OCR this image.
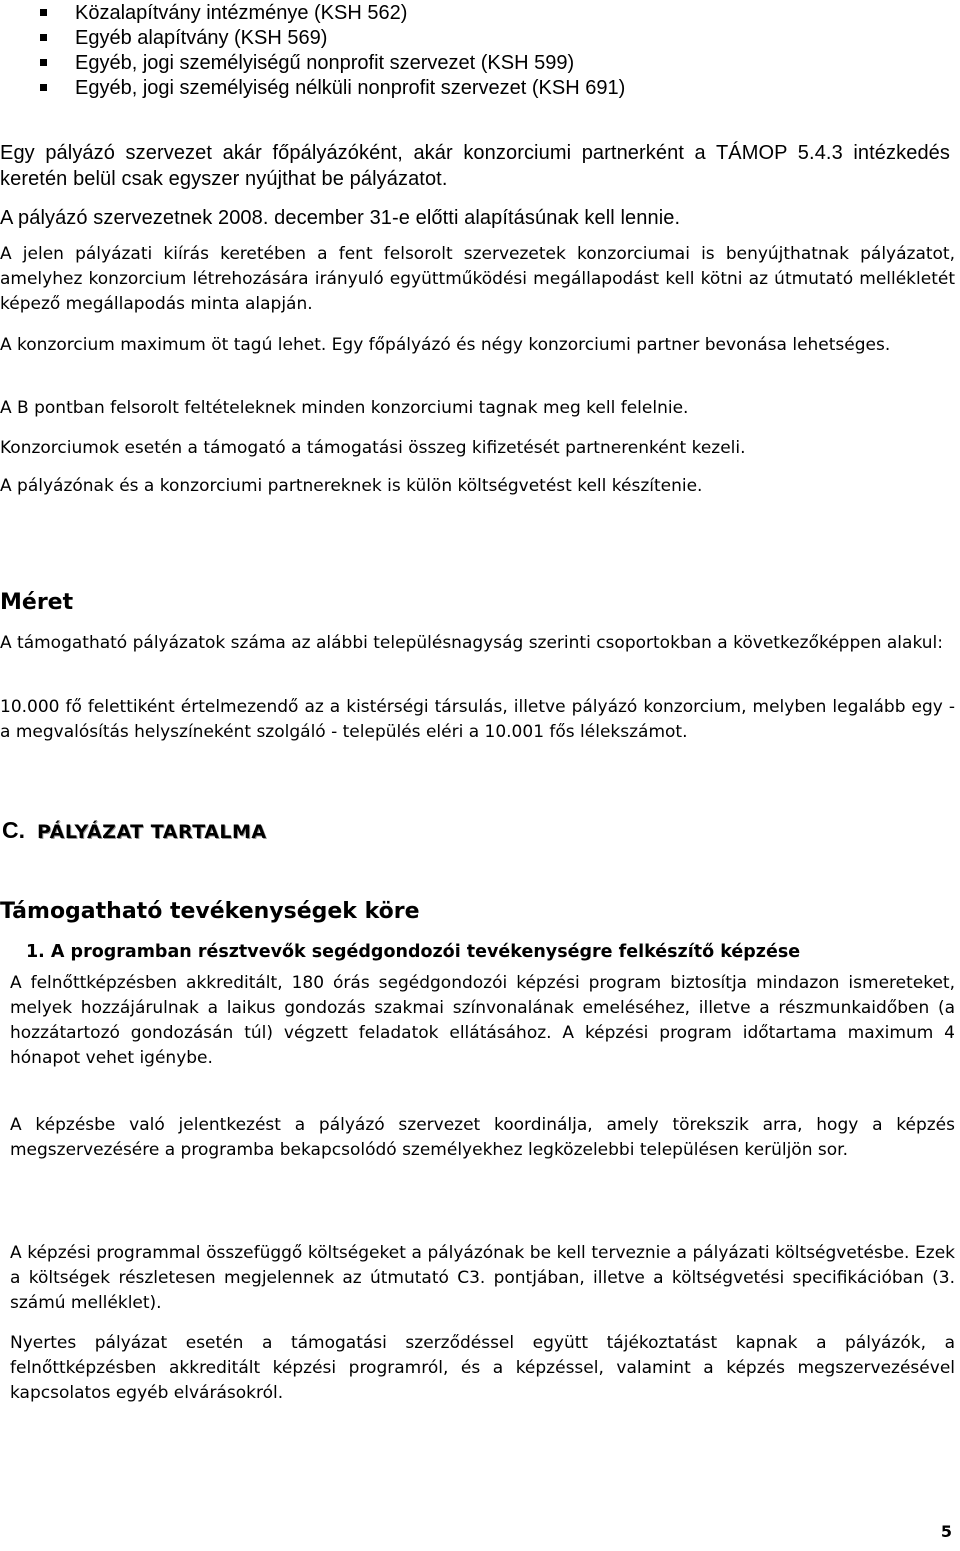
Közalapítvány intézménye (KSH 562)
Egyéb alapítvány (KSH 569)
Egyéb, jogi személyiségű nonprofit szervezet (KSH 599)
Egyéb, jogi személyiség nélküli nonprofit szervezet (KSH 691)

Egy pályázó szervezet akár főpályázóként, akár konzorciumi partnerként a TÁMOP 5.4.3 intézkedés keretén belül csak egyszer nyújthat be pályázatot.

A pályázó szervezetnek 2008. december 31-e előtti alapításúnak kell lennie.

A jelen pályázati kiírás keretében a fent felsorolt szervezetek konzorciumai is benyújthatnak pályázatot, amelyhez konzorcium létrehozására irányuló együttműködési megállapodást kell kötni az útmutató mellékletét képező megállapodás minta alapján.

A konzorcium maximum öt tagú lehet. Egy főpályázó és négy konzorciumi partner bevonása lehetséges.

A B pontban felsorolt feltételeknek minden konzorciumi tagnak meg kell felelnie.

Konzorciumok esetén a támogató a támogatási összeg kifizetését partnerenként kezeli.

A pályázónak és a konzorciumi partnereknek is külön költségvetést kell készítenie.

Méret

A támogatható pályázatok száma az alábbi településnagyság szerinti csoportokban a következőképpen alakul:

10.000 fő felettiként értelmezendő az a kistérségi társulás, illetve pályázó konzorcium, melyben legalább egy - a megvalósítás helyszíneként szolgáló - település eléri a 10.001 fős lélekszámot.

C. PÁLYÁZAT TARTALMA
Támogatható tevékenységek köre
1. A programban résztvevők segédgondozói tevékenységre felkészítő képzése

A felnőttképzésben akkreditált, 180 órás segédgondozói képzési program biztosítja mindazon ismereteket, melyek hozzájárulnak a laikus gondozás szakmai színvonalának emeléséhez, illetve a részmunkaidőben (a hozzátartozó gondozásán túl) végzett feladatok ellátásához. A képzési program időtartama maximum 4 hónapot vehet igénybe.

A képzésbe való jelentkezést a pályázó szervezet koordinálja, amely törekszik arra, hogy a képzés megszervezésére a programba bekapcsolódó személyekhez legközelebbi településen kerüljön sor.

A képzési programmal összefüggő költségeket a pályázónak be kell terveznie a pályázati költségvetésbe. Ezek a költségek részletesen megjelennek az útmutató C3. pontjában, illetve a költségvetési specifikációban (3. számú melléklet).

Nyertes pályázat esetén a támogatási szerződéssel együtt tájékoztatást kapnak a pályázók, a felnőttképzésben akkreditált képzési programról, és a képzéssel, valamint a képzés megszervezésével kapcsolatos egyéb elvárásokról.

5
